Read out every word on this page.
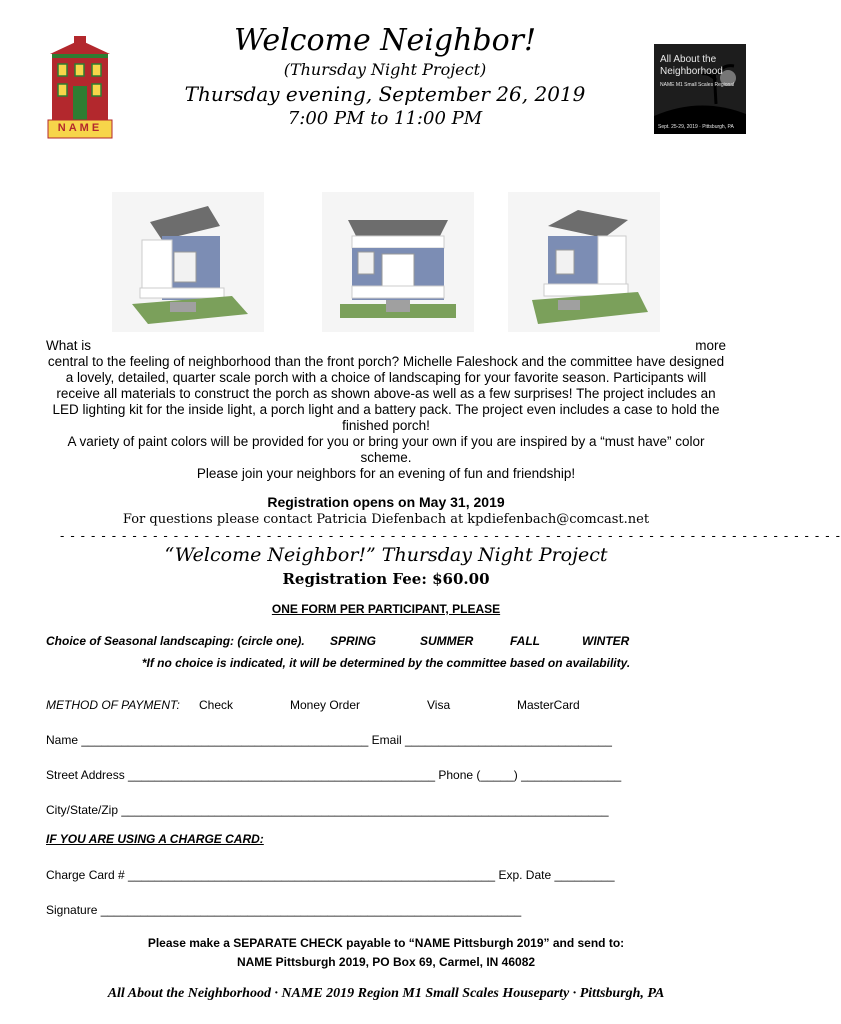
NAME
All About the
Neighborhood
NAME M1 Small Scales Regional
Sept. 25-29, 2019 · Pittsburgh, PA
Welcome Neighbor!
(Thursday Night Project)
Thursday evening, September 26, 2019
7:00 PM to 11:00 PM
What is	more

central to the feeling of neighborhood than the front porch? Michelle Faleshock and the committee have designed a lovely, detailed, quarter scale porch with a choice of landscaping for your favorite season. Participants will receive all materials to construct the porch as shown above-as well as a few surprises! The project includes an LED lighting kit for the inside light, a porch light and a battery pack. The project even includes a case to hold the finished porch!

A variety of paint colors will be provided for you or bring your own if you are inspired by a “must have” color scheme.

Please join your neighbors for an evening of fun and friendship!

Registration opens on May 31, 2019
For questions please contact Patricia Diefenbach at kpdiefenbach@comcast.net
- - - - - - - - - - - - - - - - - - - - - - - - - - - - - - - - - - - - - - - - - - - - - - - - - - - - - - - - - - - - - - - - - - - - - - - - - - - -
“Welcome Neighbor!” Thursday Night Project
Registration Fee: $60.00
ONE FORM PER PARTICIPANT, PLEASE
Choice of Seasonal landscaping: (circle one). SPRING	SUMMER	FALL	WINTER
*If no choice is indicated, it will be determined by the committee based on availability.
METHOD OF PAYMENT: Check	Money Order	Visa	MasterCard
Name ___________________________________________ Email _______________________________
Street Address ______________________________________________ Phone (_____) _______________
City/State/Zip _________________________________________________________________________
IF YOU ARE USING A CHARGE CARD:
Charge Card # _______________________________________________________ Exp. Date _________
Signature _______________________________________________________________
Please make a SEPARATE CHECK payable to “NAME Pittsburgh 2019” and send to:
NAME Pittsburgh 2019, PO Box 69, Carmel, IN 46082
All About the Neighborhood · NAME 2019 Region M1 Small Scales Houseparty · Pittsburgh, PA
